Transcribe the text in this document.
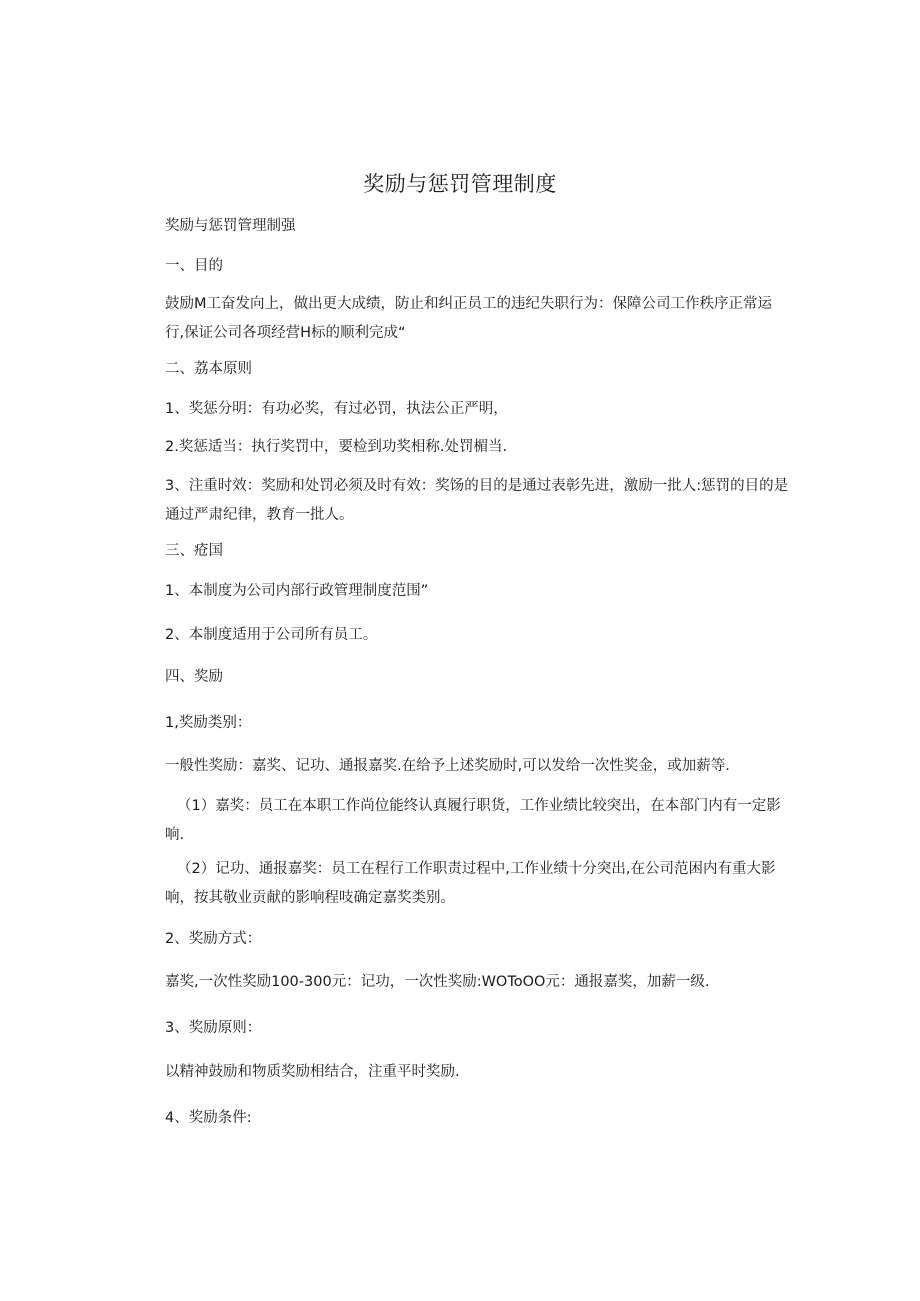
奖励与惩罚管理制度
奖励与惩罚管理制强
一、目的
鼓励M工奋发向上，做出更大成绩，防止和纠正员工的违纪失职行为：保障公司工作秩序正常运行,保证公司各项经营H标的顺利完成“
二、荔本原则
1、奖惩分明：有功必奖，有过必罚，执法公正严明，
2.奖惩适当：执行奖罚中，要检到功奖相称.处罚楣当.
3、注重时效：奖励和处罚必须及时有效：奖饧的目的是通过表彰先进，激励一批人:惩罚的目的是通过严肃纪律，教育一批人。
三、疮国
1、本制度为公司内部行政管理制度范围”
2、本制度适用于公司所有员工。
四、奖励
1,奖励类别：
一般性奖励：嘉奖、记功、通报嘉奖.在给予上述奖励时,可以发给一次性奖金，或加薪等.
（1）嘉奖：员工在本职工作尚位能终认真履行职货，工作业绩比较突出，在本部门内有一定影响.
（2）记功、通报嘉奖：员工在程行工作职责过程中,工作业绩十分突出,在公司范困内有重大影响，按其敬业贡献的影响程吱确定嘉奖类别。
2、奖励方式：
嘉奖,一次性奖励100-300元：记功，一次性奖励:WOToOO元：通报嘉奖，加薪一级.
3、奖励原则：
以精神鼓励和物质奖励相结合，注重平时奖励.
4、奖励条件:
